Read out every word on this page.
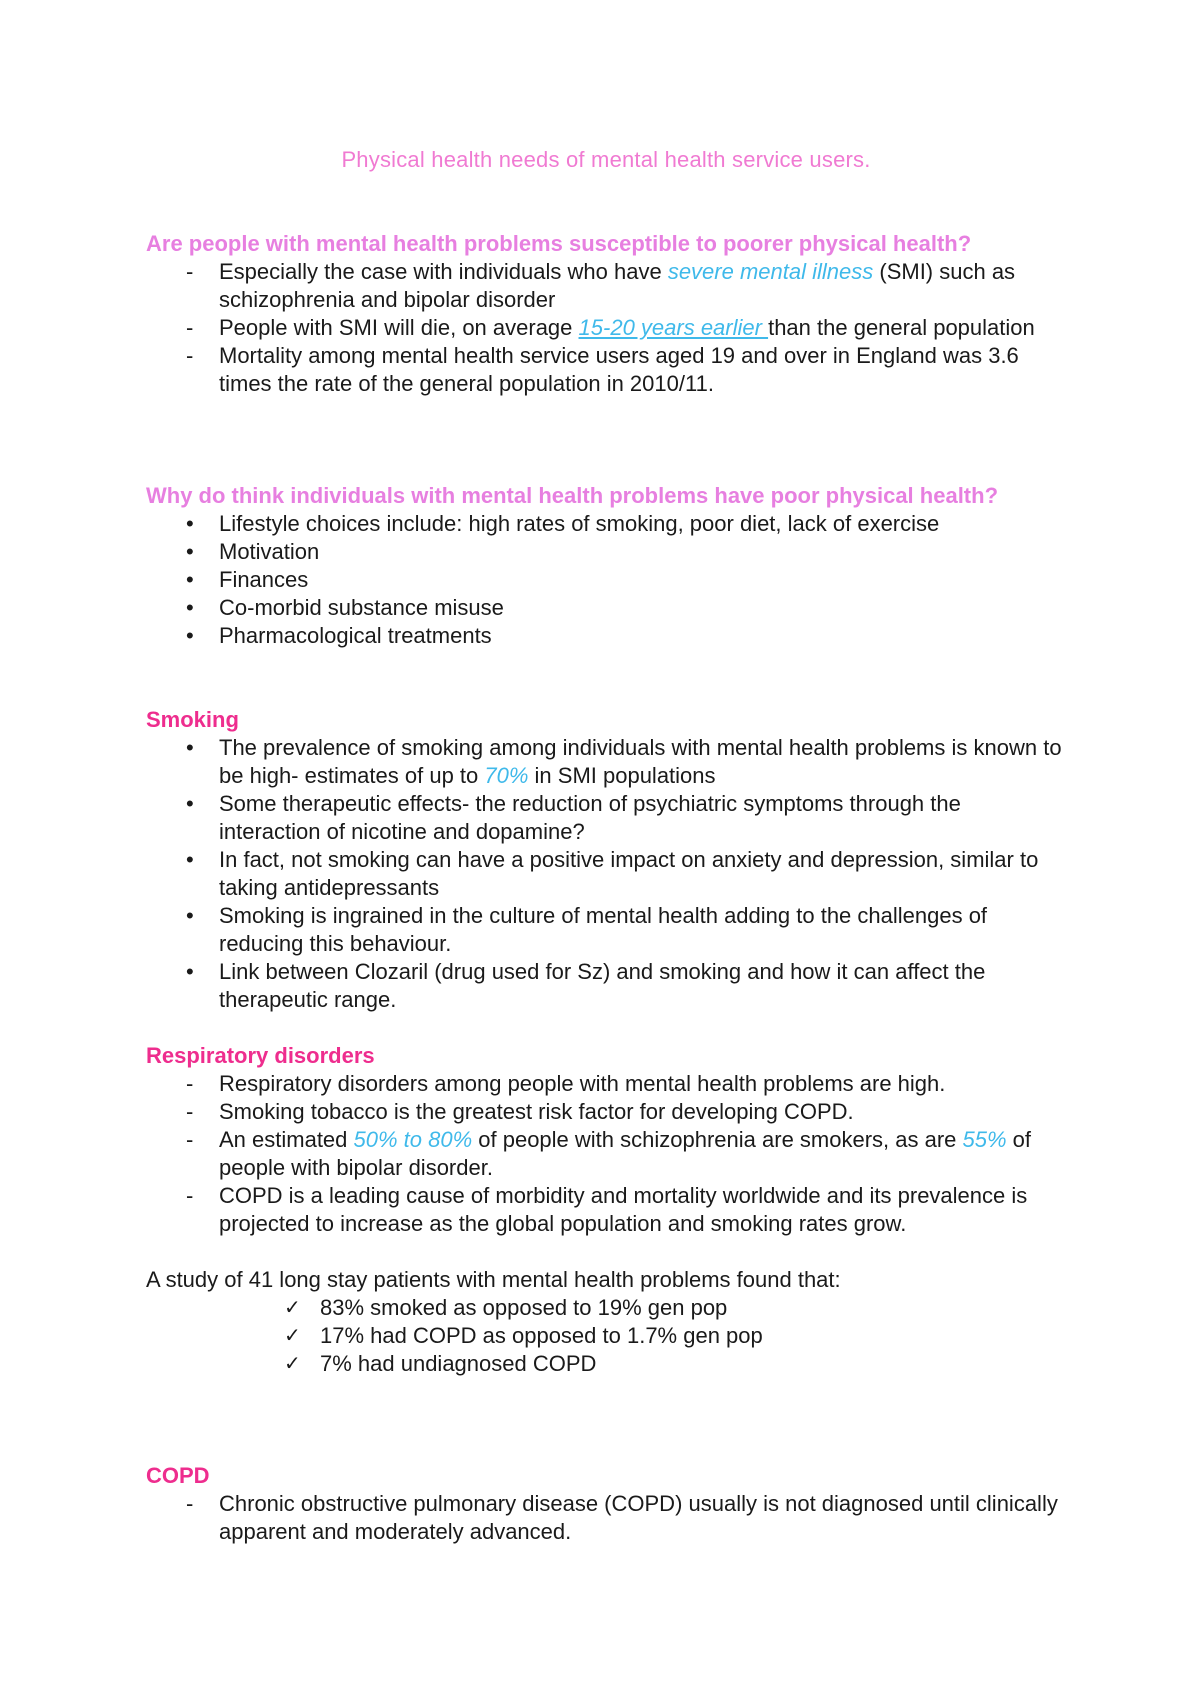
Physical health needs of mental health service users.

Are people with mental health problems susceptible to poorer physical health?

- Especially the case with individuals who have severe mental illness (SMI) such as schizophrenia and bipolar disorder
- People with SMI will die, on average 15-20 years earlier than the general population
- Mortality among mental health service users aged 19 and over in England was 3.6 times the rate of the general population in 2010/11.

Why do think individuals with mental health problems have poor physical health?

• Lifestyle choices include: high rates of smoking, poor diet, lack of exercise
• Motivation
• Finances
• Co-morbid substance misuse
• Pharmacological treatments

Smoking

• The prevalence of smoking among individuals with mental health problems is known to be high- estimates of up to 70% in SMI populations
• Some therapeutic effects- the reduction of psychiatric symptoms through the interaction of nicotine and dopamine?
• In fact, not smoking can have a positive impact on anxiety and depression, similar to taking antidepressants
• Smoking is ingrained in the culture of mental health adding to the challenges of reducing this behaviour.
• Link between Clozaril (drug used for Sz) and smoking and how it can affect the therapeutic range.

Respiratory disorders

- Respiratory disorders among people with mental health problems are high.
- Smoking tobacco is the greatest risk factor for developing COPD.
- An estimated 50% to 80% of people with schizophrenia are smokers, as are 55% of people with bipolar disorder.
- COPD is a leading cause of morbidity and mortality worldwide and its prevalence is projected to increase as the global population and smoking rates grow.

A study of 41 long stay patients with mental health problems found that:

✓ 83% smoked as opposed to 19% gen pop
✓ 17% had COPD as opposed to 1.7% gen pop
✓ 7% had undiagnosed COPD

COPD

- Chronic obstructive pulmonary disease (COPD) usually is not diagnosed until clinically apparent and moderately advanced.
